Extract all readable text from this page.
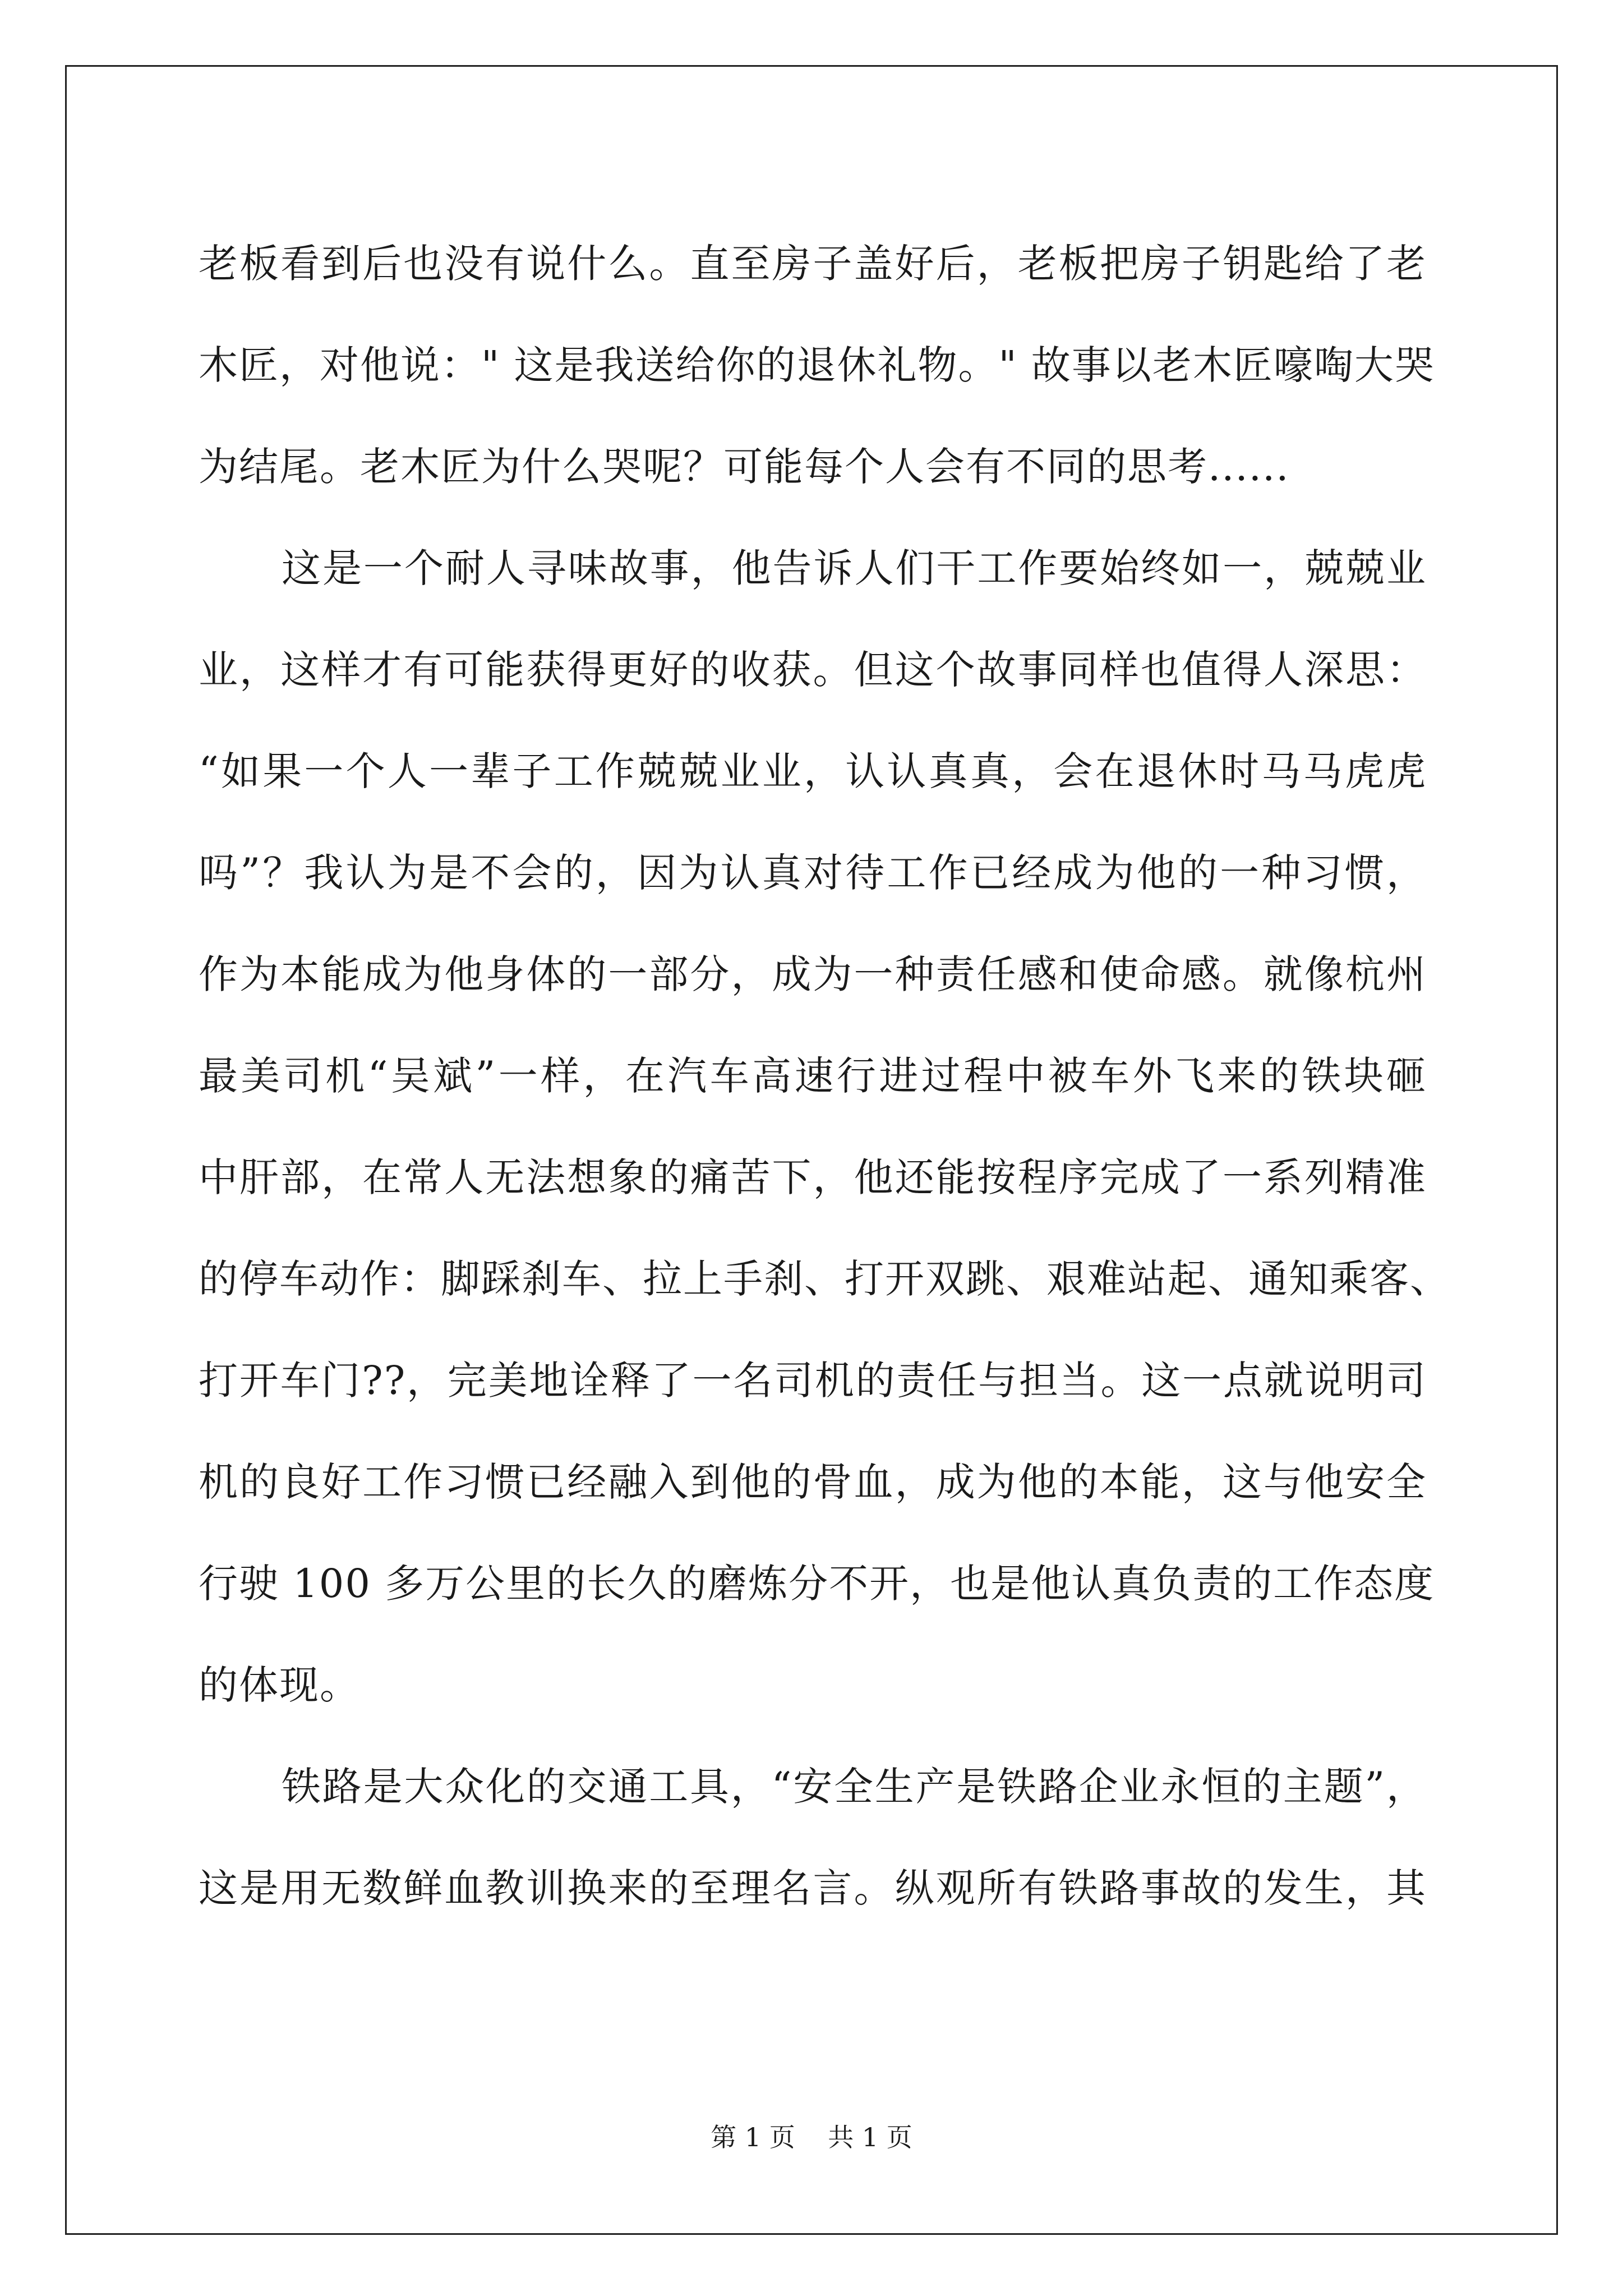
老板看到后也没有说什么。直至房子盖好后，老板把房子钥匙给了老
木匠，对他说：" 这是我送给你的退休礼物。" 故事以老木匠嚎啕大哭
为结尾。老木匠为什么哭呢？可能每个人会有不同的思考......
这是一个耐人寻味故事，他告诉人们干工作要始终如一，兢兢业
业，这样才有可能获得更好的收获。但这个故事同样也值得人深思：
“如果一个人一辈子工作兢兢业业，认认真真，会在退休时马马虎虎
吗”？我认为是不会的，因为认真对待工作已经成为他的一种习惯，
作为本能成为他身体的一部分，成为一种责任感和使命感。就像杭州
最美司机“吴斌”一样，在汽车高速行进过程中被车外飞来的铁块砸
中肝部，在常人无法想象的痛苦下，他还能按程序完成了一系列精准
的停车动作：脚踩刹车、拉上手刹、打开双跳、艰难站起、通知乘客、
打开车门??，完美地诠释了一名司机的责任与担当。这一点就说明司
机的良好工作习惯已经融入到他的骨血，成为他的本能，这与他安全
行驶 100 多万公里的长久的磨炼分不开，也是他认真负责的工作态度
的体现。
铁路是大众化的交通工具，“安全生产是铁路企业永恒的主题”，
这是用无数鲜血教训换来的至理名言。纵观所有铁路事故的发生，其
第 1 页    共 1 页
